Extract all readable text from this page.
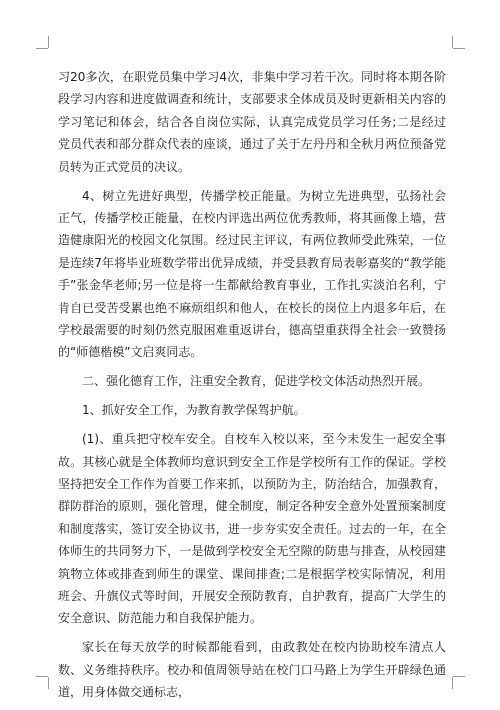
习20多次，在职党员集中学习4次，非集中学习若干次。同时将本期各阶段学习内容和进度做调查和统计，支部要求全体成员及时更新相关内容的学习笔记和体会，结合各自岗位实际，认真完成党员学习任务;二是经过党员代表和部分群众代表的座谈，通过了关于左丹丹和全秋月两位预备党员转为正式党员的决议。

4、树立先进好典型，传播学校正能量。为树立先进典型，弘扬社会正气，传播学校正能量，在校内评选出两位优秀教师，将其画像上墙，营造健康阳光的校园文化氛围。经过民主评议，有两位教师受此殊荣，一位是连续7年将毕业班数学带出优异成绩，并受县教育局表彰嘉奖的“教学能手”张金华老师;另一位是将一生都献给教育事业，工作扎实淡泊名利，宁肯自已受苦受累也绝不麻烦组织和他人，在校长的岗位上内退多年后，在学校最需要的时刻仍然克服困难重返讲台，德高望重获得全社会一致赞扬的“师德楷模”文启爽同志。

二、强化德育工作，注重安全教育，促进学校文体活动热烈开展。

1、抓好安全工作，为教育教学保驾护航。

(1)、重兵把守校车安全。自校车入校以来，至今未发生一起安全事故。其核心就是全体教师均意识到安全工作是学校所有工作的保证。学校坚持把安全工作作为首要工作来抓，以预防为主，防治结合，加强教育，群防群治的原则，强化管理，健全制度，制定各种安全意外处置预案制度和制度落实，签订安全协议书，进一步夯实安全责任。过去的一年，在全体师生的共同努力下，一是做到学校安全无空隙的防患与排查，从校园建筑物立体或排查到师生的课堂、课间排查;二是根据学校实际情况，利用班会、升旗仪式等时间，开展安全预防教育，自护教育，提高广大学生的安全意识、防范能力和自我保护能力。

家长在每天放学的时候都能看到，由政教处在校内协助校车清点人数、义务维持秩序。校办和值周领导站在校门口马路上为学生开辟绿色通道，用身体做交通标志，
